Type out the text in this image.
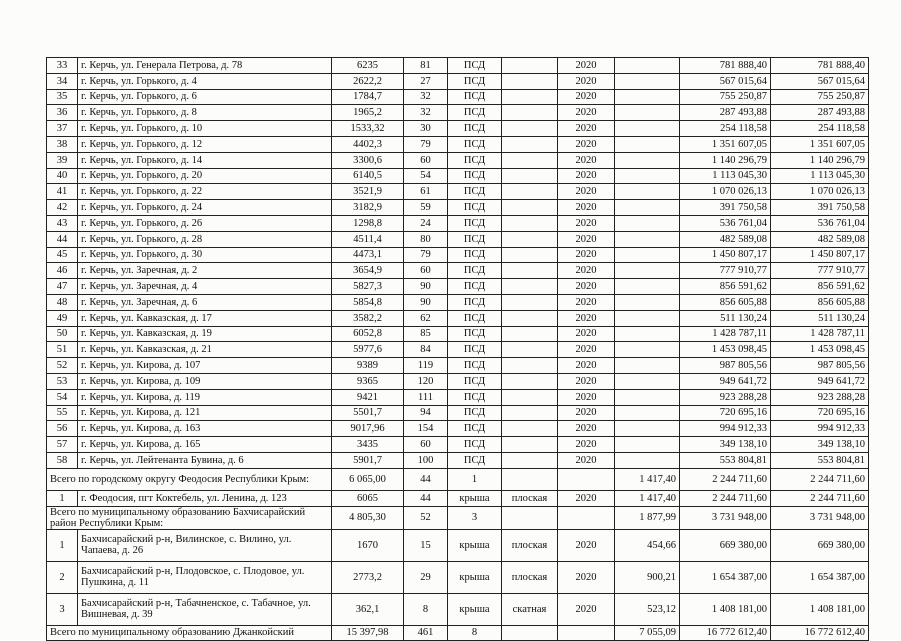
33	г. Керчь, ул. Генерала Петрова, д. 78	6235	81	ПСД		2020		781 888,40	781 888,40
34	г. Керчь, ул. Горького, д. 4	2622,2	27	ПСД		2020		567 015,64	567 015,64
35	г. Керчь, ул. Горького, д. 6	1784,7	32	ПСД		2020		755 250,87	755 250,87
36	г. Керчь, ул. Горького, д. 8	1965,2	32	ПСД		2020		287 493,88	287 493,88
37	г. Керчь, ул. Горького, д. 10	1533,32	30	ПСД		2020		254 118,58	254 118,58
38	г. Керчь, ул. Горького, д. 12	4402,3	79	ПСД		2020		1 351 607,05	1 351 607,05
39	г. Керчь, ул. Горького, д. 14	3300,6	60	ПСД		2020		1 140 296,79	1 140 296,79
40	г. Керчь, ул. Горького, д. 20	6140,5	54	ПСД		2020		1 113 045,30	1 113 045,30
41	г. Керчь, ул. Горького, д. 22	3521,9	61	ПСД		2020		1 070 026,13	1 070 026,13
42	г. Керчь, ул. Горького, д. 24	3182,9	59	ПСД		2020		391 750,58	391 750,58
43	г. Керчь, ул. Горького, д. 26	1298,8	24	ПСД		2020		536 761,04	536 761,04
44	г. Керчь, ул. Горького, д. 28	4511,4	80	ПСД		2020		482 589,08	482 589,08
45	г. Керчь, ул. Горького, д. 30	4473,1	79	ПСД		2020		1 450 807,17	1 450 807,17
46	г. Керчь, ул. Заречная, д. 2	3654,9	60	ПСД		2020		777 910,77	777 910,77
47	г. Керчь, ул. Заречная, д. 4	5827,3	90	ПСД		2020		856 591,62	856 591,62
48	г. Керчь, ул. Заречная, д. 6	5854,8	90	ПСД		2020		856 605,88	856 605,88
49	г. Керчь, ул. Кавказская, д. 17	3582,2	62	ПСД		2020		511 130,24	511 130,24
50	г. Керчь, ул. Кавказская, д. 19	6052,8	85	ПСД		2020		1 428 787,11	1 428 787,11
51	г. Керчь, ул. Кавказская, д. 21	5977,6	84	ПСД		2020		1 453 098,45	1 453 098,45
52	г. Керчь, ул. Кирова, д. 107	9389	119	ПСД		2020		987 805,56	987 805,56
53	г. Керчь, ул. Кирова, д. 109	9365	120	ПСД		2020		949 641,72	949 641,72
54	г. Керчь, ул. Кирова, д. 119	9421	111	ПСД		2020		923 288,28	923 288,28
55	г. Керчь, ул. Кирова, д. 121	5501,7	94	ПСД		2020		720 695,16	720 695,16
56	г. Керчь, ул. Кирова, д. 163	9017,96	154	ПСД		2020		994 912,33	994 912,33
57	г. Керчь, ул. Кирова, д. 165	3435	60	ПСД		2020		349 138,10	349 138,10
58	г. Керчь, ул. Лейтенанта Бувина, д. 6	5901,7	100	ПСД		2020		553 804,81	553 804,81
Всего по городскому округу Феодосия Республики Крым:		6 065,00	44	1			1 417,40	2 244 711,60	2 244 711,60
1	г. Феодосия, пгт Коктебель, ул. Ленина, д. 123	6065	44	крыша	плоская	2020	1 417,40	2 244 711,60	2 244 711,60
Всего по муниципальному образованию Бахчисарайский район Республики Крым:		4 805,30	52	3			1 877,99	3 731 948,00	3 731 948,00
1	Бахчисарайский р-н, Вилинское, с. Вилино, ул. Чапаева, д. 26	1670	15	крыша	плоская	2020	454,66	669 380,00	669 380,00
2	Бахчисарайский р-н, Плодовское, с. Плодовое, ул. Пушкина, д. 11	2773,2	29	крыша	плоская	2020	900,21	1 654 387,00	1 654 387,00
3	Бахчисарайский р-н, Табачненское, с. Табачное, ул. Вишневая, д. 39	362,1	8	крыша	скатная	2020	523,12	1 408 181,00	1 408 181,00
Всего по муниципальному образованию Джанкойский		15 397,98	461	8			7 055,09	16 772 612,40	16 772 612,40
